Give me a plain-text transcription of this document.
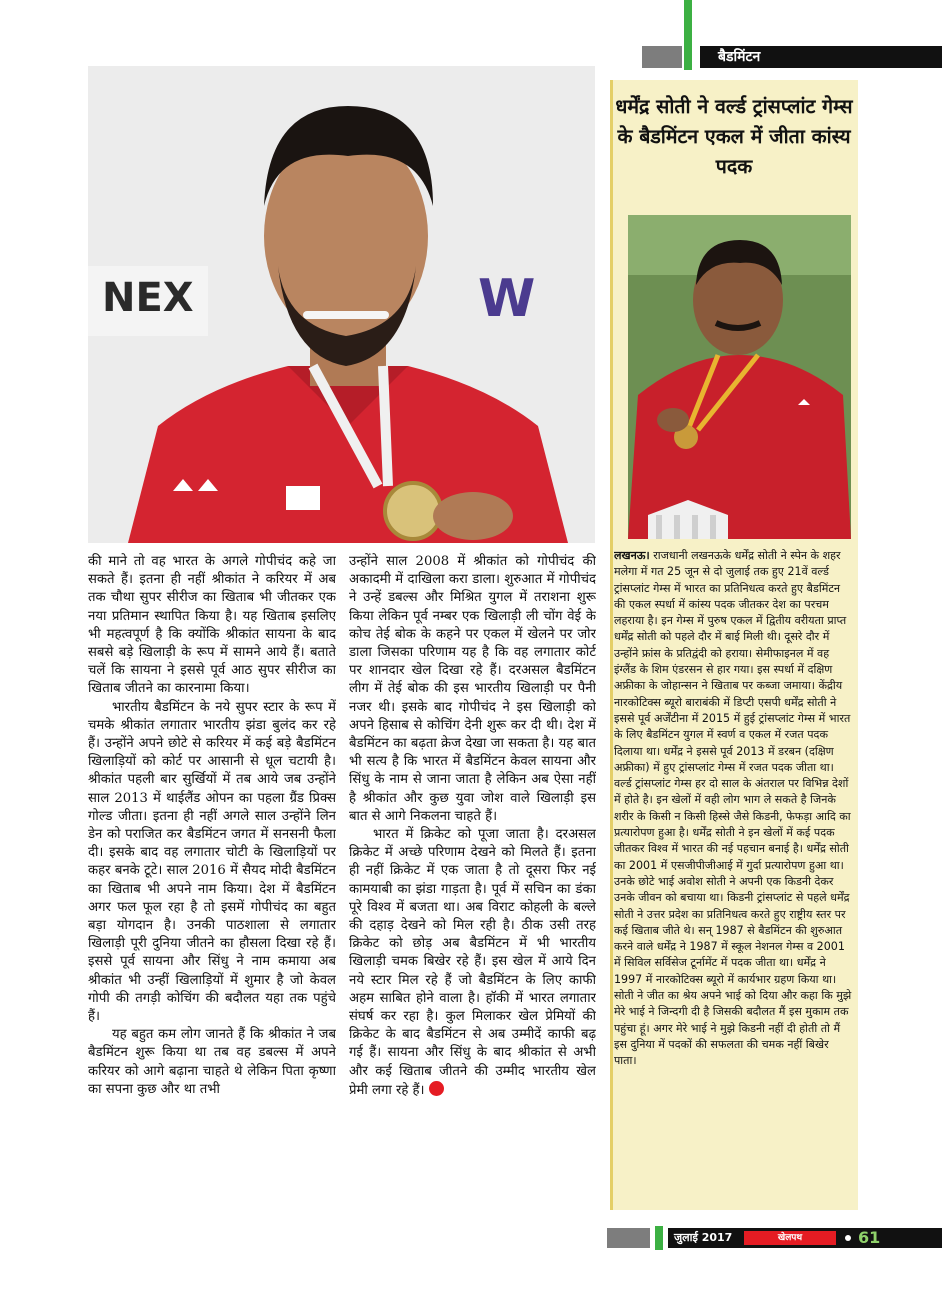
बैडमिंटन
NEX	W

की माने तो वह भारत के अगले गोपीचंद कहे जा सकते हैं। इतना ही नहीं श्रीकांत ने करियर में अब तक चौथा सुपर सीरीज का खिताब भी जीतकर एक नया प्रतिमान स्थापित किया है। यह खिताब इसलिए भी महत्वपूर्ण है कि क्योंकि श्रीकांत सायना के बाद सबसे बड़े खिलाड़ी के रूप में सामने आये हैं। बताते चलें कि सायना ने इससे पूर्व आठ सुपर सीरीज का खिताब जीतने का कारनामा किया।

भारतीय बैडमिंटन के नये सुपर स्टार के रूप में चमके श्रीकांत लगातार भारतीय झंडा बुलंद कर रहे हैं। उन्होंने अपने छोटे से करियर में कई बड़े बैडमिंटन खिलाड़ियों को कोर्ट पर आसानी से धूल चटायी है। श्रीकांत पहली बार सुर्खियों में तब आये जब उन्होंने साल 2013 में थाईलैंड ओपन का पहला ग्रैंड प्रिक्स गोल्ड जीता। इतना ही नहीं अगले साल उन्होंने लिन डेन को पराजित कर बैडमिंटन जगत में सनसनी फैला दी। इसके बाद वह लगातार चोटी के खिलाड़ियों पर कहर बनके टूटे। साल 2016 में सैयद मोदी बैडमिंटन का खिताब भी अपने नाम किया। देश में बैडमिंटन अगर फल फूल रहा है तो इसमें गोपीचंद का बहुत बड़ा योगदान है। उनकी पाठशाला से लगातार खिलाड़ी पूरी दुनिया जीतने का हौसला दिखा रहे हैं। इससे पूर्व सायना और सिंधु ने नाम कमाया अब श्रीकांत भी उन्हीं खिलाड़ियों में शुमार है जो केवल गोपी की तगड़ी कोचिंग की बदौलत यहा तक पहुंचे हैं।

यह बहुत कम लोग जानते हैं कि श्रीकांत ने जब बैडमिंटन शुरू किया था तब वह डबल्स में अपने करियर को आगे बढ़ाना चाहते थे लेकिन पिता कृष्णा का सपना कुछ और था तभी

उन्होंने साल 2008 में श्रीकांत को गोपीचंद की अकादमी में दाखिला करा डाला। शुरुआत में गोपीचंद ने उन्हें डबल्स और मिश्रित युगल में तराशना शुरू किया लेकिन पूर्व नम्बर एक खिलाड़ी ली चोंग वेई के कोच तेई बोक के कहने पर एकल में खेलने पर जोर डाला जिसका परिणाम यह है कि वह लगातार कोर्ट पर शानदार खेल दिखा रहे हैं। दरअसल बैडमिंटन लीग में तेई बोक की इस भारतीय खिलाड़ी पर पैनी नजर थी। इसके बाद गोपीचंद ने इस खिलाड़ी को अपने हिसाब से कोचिंग देनी शुरू कर दी थी। देश में बैडमिंटन का बढ़ता क्रेज देखा जा सकता है। यह बात भी सत्य है कि भारत में बैडमिंटन केवल सायना और सिंधु के नाम से जाना जाता है लेकिन अब ऐसा नहीं है श्रीकांत और कुछ युवा जोश वाले खिलाड़ी इस बात से आगे निकलना चाहते हैं।

भारत में क्रिकेट को पूजा जाता है। दरअसल क्रिकेट में अच्छे परिणाम देखने को मिलते हैं। इतना ही नहीं क्रिकेट में एक जाता है तो दूसरा फिर नई कामयाबी का झंडा गाड़ता है। पूर्व में सचिन का डंका पूरे विश्व में बजता था। अब विराट कोहली के बल्ले की दहाड़ देखने को मिल रही है। ठीक उसी तरह क्रिकेट को छोड़ अब बैडमिंटन में भी भारतीय खिलाड़ी चमक बिखेर रहे हैं। इस खेल में आये दिन नये स्टार मिल रहे हैं जो बैडमिंटन के लिए काफी अहम साबित होने वाला है। हॉकी में भारत लगातार संघर्ष कर रहा है। कुल मिलाकर खेल प्रेमियों की क्रिकेट के बाद बैडमिंटन से अब उम्मीदें काफी बढ़ गई हैं। सायना और सिंधु के बाद श्रीकांत से अभी और कई खिताब जीतने की उम्मीद भारतीय खेल प्रेमी लगा रहे हैं।

धर्मेंद्र सोती ने वर्ल्ड ट्रांसप्लांट गेम्स के बैडमिंटन एकल में जीता कांस्य पदक
लखनऊ। राजधानी लखनऊके धर्मेंद्र सोती ने स्पेन के शहर मलेगा में गत 25 जून से दो जुलाई तक हुए 21वें वर्ल्ड ट्रांसप्लांट गेम्स में भारत का प्रतिनिधत्व करते हुए बैडमिंटन की एकल स्पर्धा में कांस्य पदक जीतकर देश का परचम लहराया है। इन गेम्स में पुरुष एकल में द्वितीय वरीयता प्राप्त धर्मेंद्र सोती को पहले दौर में बाई मिली थी। दूसरे दौर में उन्होंने फ्रांस के प्रतिद्वंदी को हराया। सेमीफाइनल में वह इंग्लैंड के शिम एंडरसन से हार गया। इस स्पर्धा में दक्षिण अफ्रीका के जोहान्सन ने खिताब पर कब्जा जमाया। केंद्रीय नारकोटिक्स ब्यूरो बाराबंकी में डिप्टी एसपी धर्मेंद्र सोती ने इससे पूर्व अर्जेंटीना में 2015 में हुई ट्रांसप्लांट गेम्स में भारत के लिए बैडमिंटन युगल में स्वर्ण व एकल में रजत पदक दिलाया था। धर्मेंद्र ने इससे पूर्व 2013 में डरबन (दक्षिण अफ्रीका) में हुए ट्रांसप्लांट गेम्स में रजत पदक जीता था। वर्ल्ड ट्रांसप्लांट गेम्स हर दो साल के अंतराल पर विभिन्न देशों में होते है। इन खेलों में वही लोग भाग ले सकते है जिनके शरीर के किसी न किसी हिस्से जैसे किडनी, फेफड़ा आदि का प्रत्यारोपण हुआ है। धर्मेंद्र सोती ने इन खेलों में कई पदक जीतकर विश्व में भारत की नई पहचान बनाई है। धर्मेंद्र सोती का 2001 में एसजीपीजीआई में गुर्दा प्रत्यारोपण हुआ था। उनके छोटे भाई अवोश सोती ने अपनी एक किडनी देकर उनके जीवन को बचाया था। किडनी ट्रांसप्लांट से पहले धर्मेंद्र सोती ने उत्तर प्रदेश का प्रतिनिधत्व करते हुए राष्ट्रीय स्तर पर कई खिताब जीते थे। सन् 1987 से बैडमिंटन की शुरुआत करने वाले धर्मेंद्र ने 1987 में स्कूल नेशनल गेम्स व 2001 में सिविल सर्विसेज टूर्नामेंट में पदक जीता था। धर्मेंद्र ने 1997 में नारकोटिक्स ब्यूरो में कार्यभार ग्रहण किया था। सोती ने जीत का श्रेय अपने भाई को दिया और कहा कि मुझे मेरे भाई ने जिन्दगी दी है जिसकी बदौलत मैं इस मुकाम तक पहुंचा हूं। अगर मेरे भाई ने मुझे किडनी नहीं दी होती तो मैं इस दुनिया में पदकों की सफलता की चमक नहीं बिखेर पाता।
जुलाई 2017	खेलपथ	61
